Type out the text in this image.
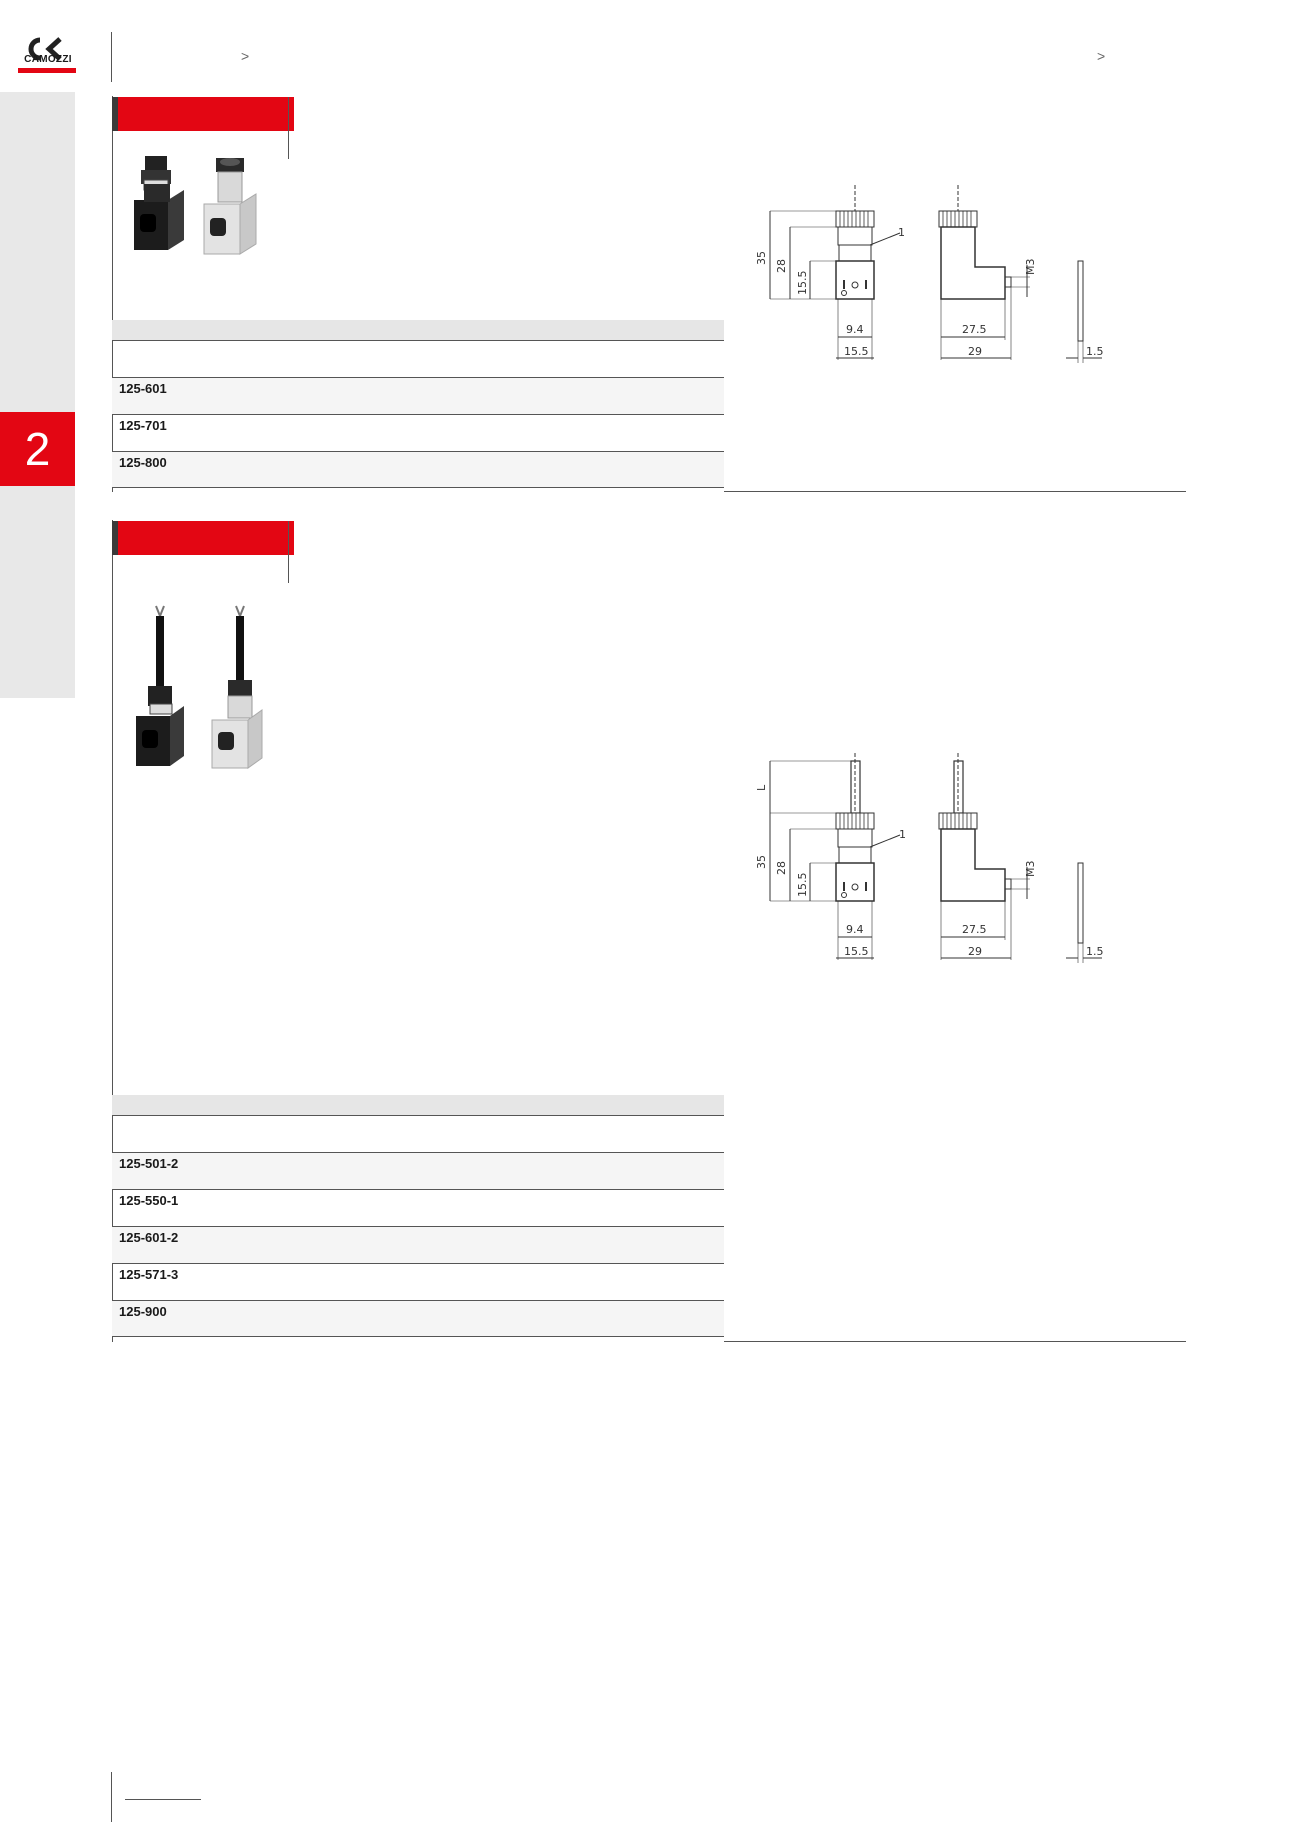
CAMOZZI	>	>
2
125-601
125-701
125-800
1
35
28
15.5
9.4
15.5
27.5
29
M3
1.5
1
L
35 28
15.5
9.4
15.5
27.5
29
M3
1.5
125-501-2
125-550-1
125-601-2
125-571-3
125-900
